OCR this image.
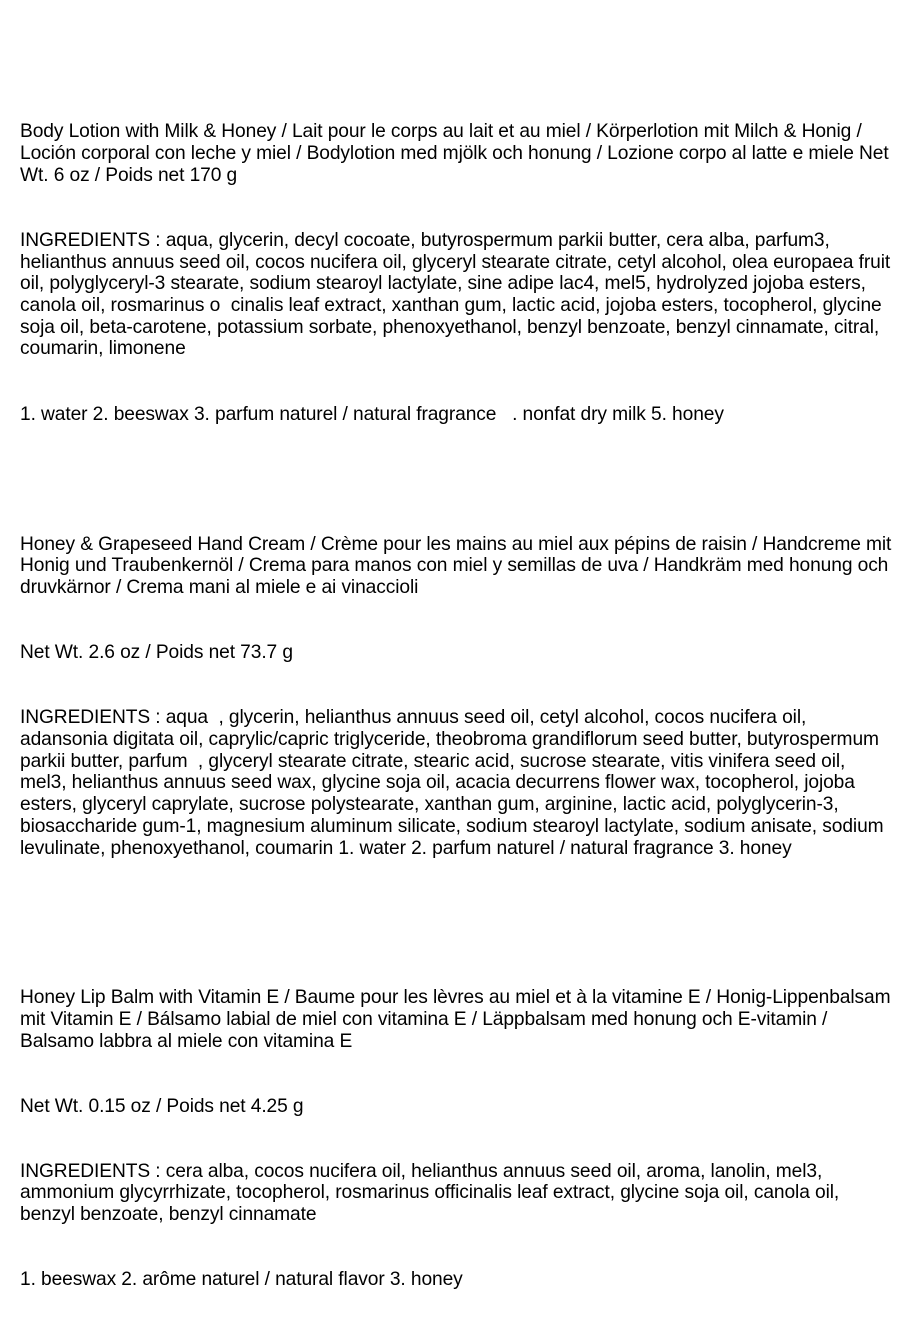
Body Lotion with Milk & Honey / Lait pour le corps au lait et au miel / Körperlotion mit Milch & Honig / Loción corporal con leche y miel / Bodylotion med mjölk och honung / Lozione corpo al latte e miele Net Wt. 6 oz / Poids net 170 g

INGREDIENTS : aqua, glycerin, decyl cocoate, butyrospermum parkii butter, cera alba, parfum3, helianthus annuus seed oil, cocos nucifera oil, glyceryl stearate citrate, cetyl alcohol, olea europaea fruit oil, polyglyceryl-3 stearate, sodium stearoyl lactylate, sine adipe lac4, mel5, hydrolyzed jojoba esters, canola oil, rosmarinus o  cinalis leaf extract, xanthan gum, lactic acid, jojoba esters, tocopherol, glycine soja oil, beta-carotene, potassium sorbate, phenoxyethanol, benzyl benzoate, benzyl cinnamate, citral, coumarin, limonene

1. water 2. beeswax 3. parfum naturel / natural fragrance   . nonfat dry milk 5. honey

Honey & Grapeseed Hand Cream / Crème pour les mains au miel aux pépins de raisin / Handcreme mit Honig und Traubenkernöl / Crema para manos con miel y semillas de uva / Handkräm med honung och druvkärnor / Crema mani al miele e ai vinaccioli

Net Wt. 2.6 oz / Poids net 73.7 g

INGREDIENTS : aqua  , glycerin, helianthus annuus seed oil, cetyl alcohol, cocos nucifera oil, adansonia digitata oil, caprylic/capric triglyceride, theobroma grandiflorum seed butter, butyrospermum parkii butter, parfum  , glyceryl stearate citrate, stearic acid, sucrose stearate, vitis vinifera seed oil, mel3, helianthus annuus seed wax, glycine soja oil, acacia decurrens flower wax, tocopherol, jojoba esters, glyceryl caprylate, sucrose polystearate, xanthan gum, arginine, lactic acid, polyglycerin-3, biosaccharide gum-1, magnesium aluminum silicate, sodium stearoyl lactylate, sodium anisate, sodium levulinate, phenoxyethanol, coumarin 1. water 2. parfum naturel / natural fragrance 3. honey

Honey Lip Balm with Vitamin E / Baume pour les lèvres au miel et à la vitamine E / Honig-Lippenbalsam mit Vitamin E / Bálsamo labial de miel con vitamina E / Läppbalsam med honung och E-vitamin / Balsamo labbra al miele con vitamina E

Net Wt. 0.15 oz / Poids net 4.25 g

INGREDIENTS : cera alba, cocos nucifera oil, helianthus annuus seed oil, aroma, lanolin, mel3, ammonium glycyrrhizate, tocopherol, rosmarinus officinalis leaf extract, glycine soja oil, canola oil, benzyl benzoate, benzyl cinnamate

1. beeswax 2. arôme naturel / natural flavor 3. honey
